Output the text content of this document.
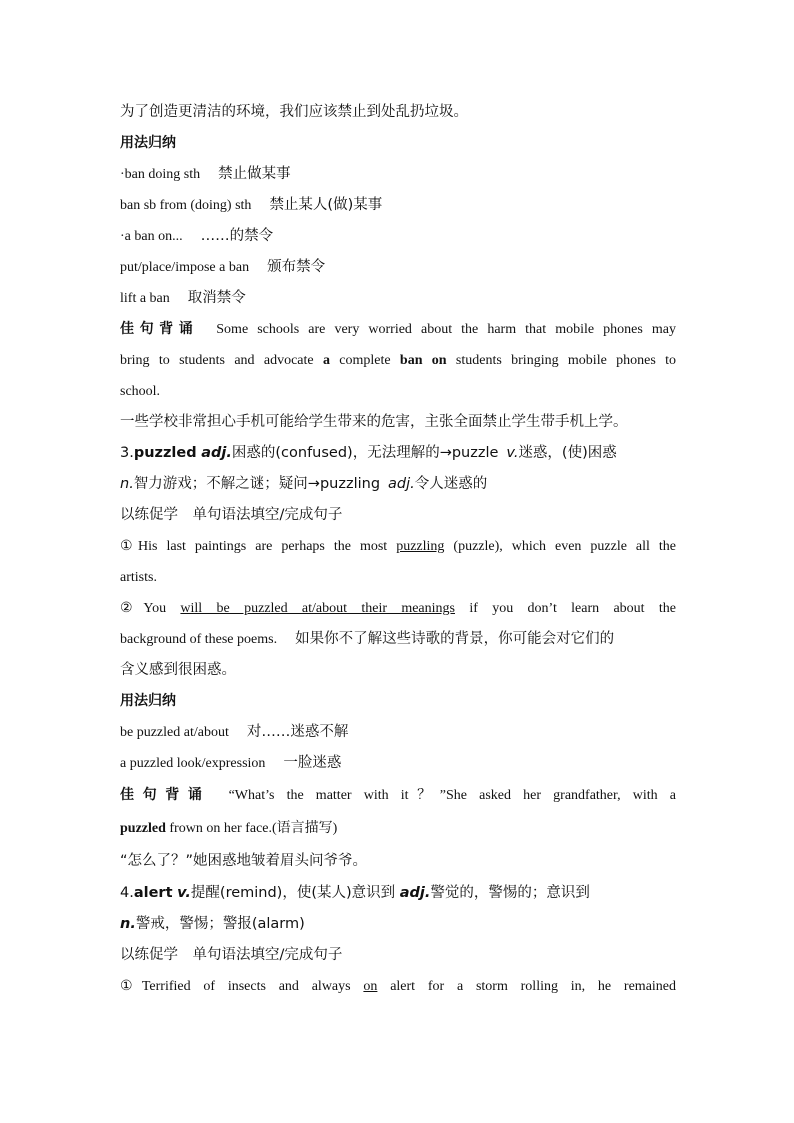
为了创造更清洁的环境，我们应该禁止到处乱扔垃圾。
用法归纳
·ban doing sth 禁止做某事
ban sb from (doing) sth 禁止某人(做)某事
·a ban on... ……的禁令
put/place/impose a ban 颁布禁令
lift a ban 取消禁令
佳句背诵 Some schools are very worried about the harm that mobile phones may
bring to students and advocate a complete ban on students bringing mobile phones to
school.
一些学校非常担心手机可能给学生带来的危害，主张全面禁止学生带手机上学。
3.puzzled adj.困惑的(confused)，无法理解的→puzzle v.迷惑，(使)困惑
n.智力游戏；不解之谜；疑问→puzzling adj.令人迷惑的
以练促学　单句语法填空/完成句子
①His last paintings are perhaps the most puzzling (puzzle), which even puzzle all the
artists.
②You will be puzzled at/about their meanings if you don’t learn about the
background of these poems. 如果你不了解这些诗歌的背景，你可能会对它们的
含义感到很困惑。
用法归纳
be puzzled at/about 对……迷惑不解
a puzzled look/expression 一脸迷惑
佳句背诵 “What’s the matter with it？”She asked her grandfather, with a
puzzled frown on her face.(语言描写)
“怎么了？”她困惑地皱着眉头问爷爷。
4.alert v.提醒(remind)，使(某人)意识到 adj.警觉的，警惕的；意识到
n.警戒，警惕；警报(alarm)
以练促学　单句语法填空/完成句子
①Terrified of insects and always on alert for a storm rolling in, he remained
